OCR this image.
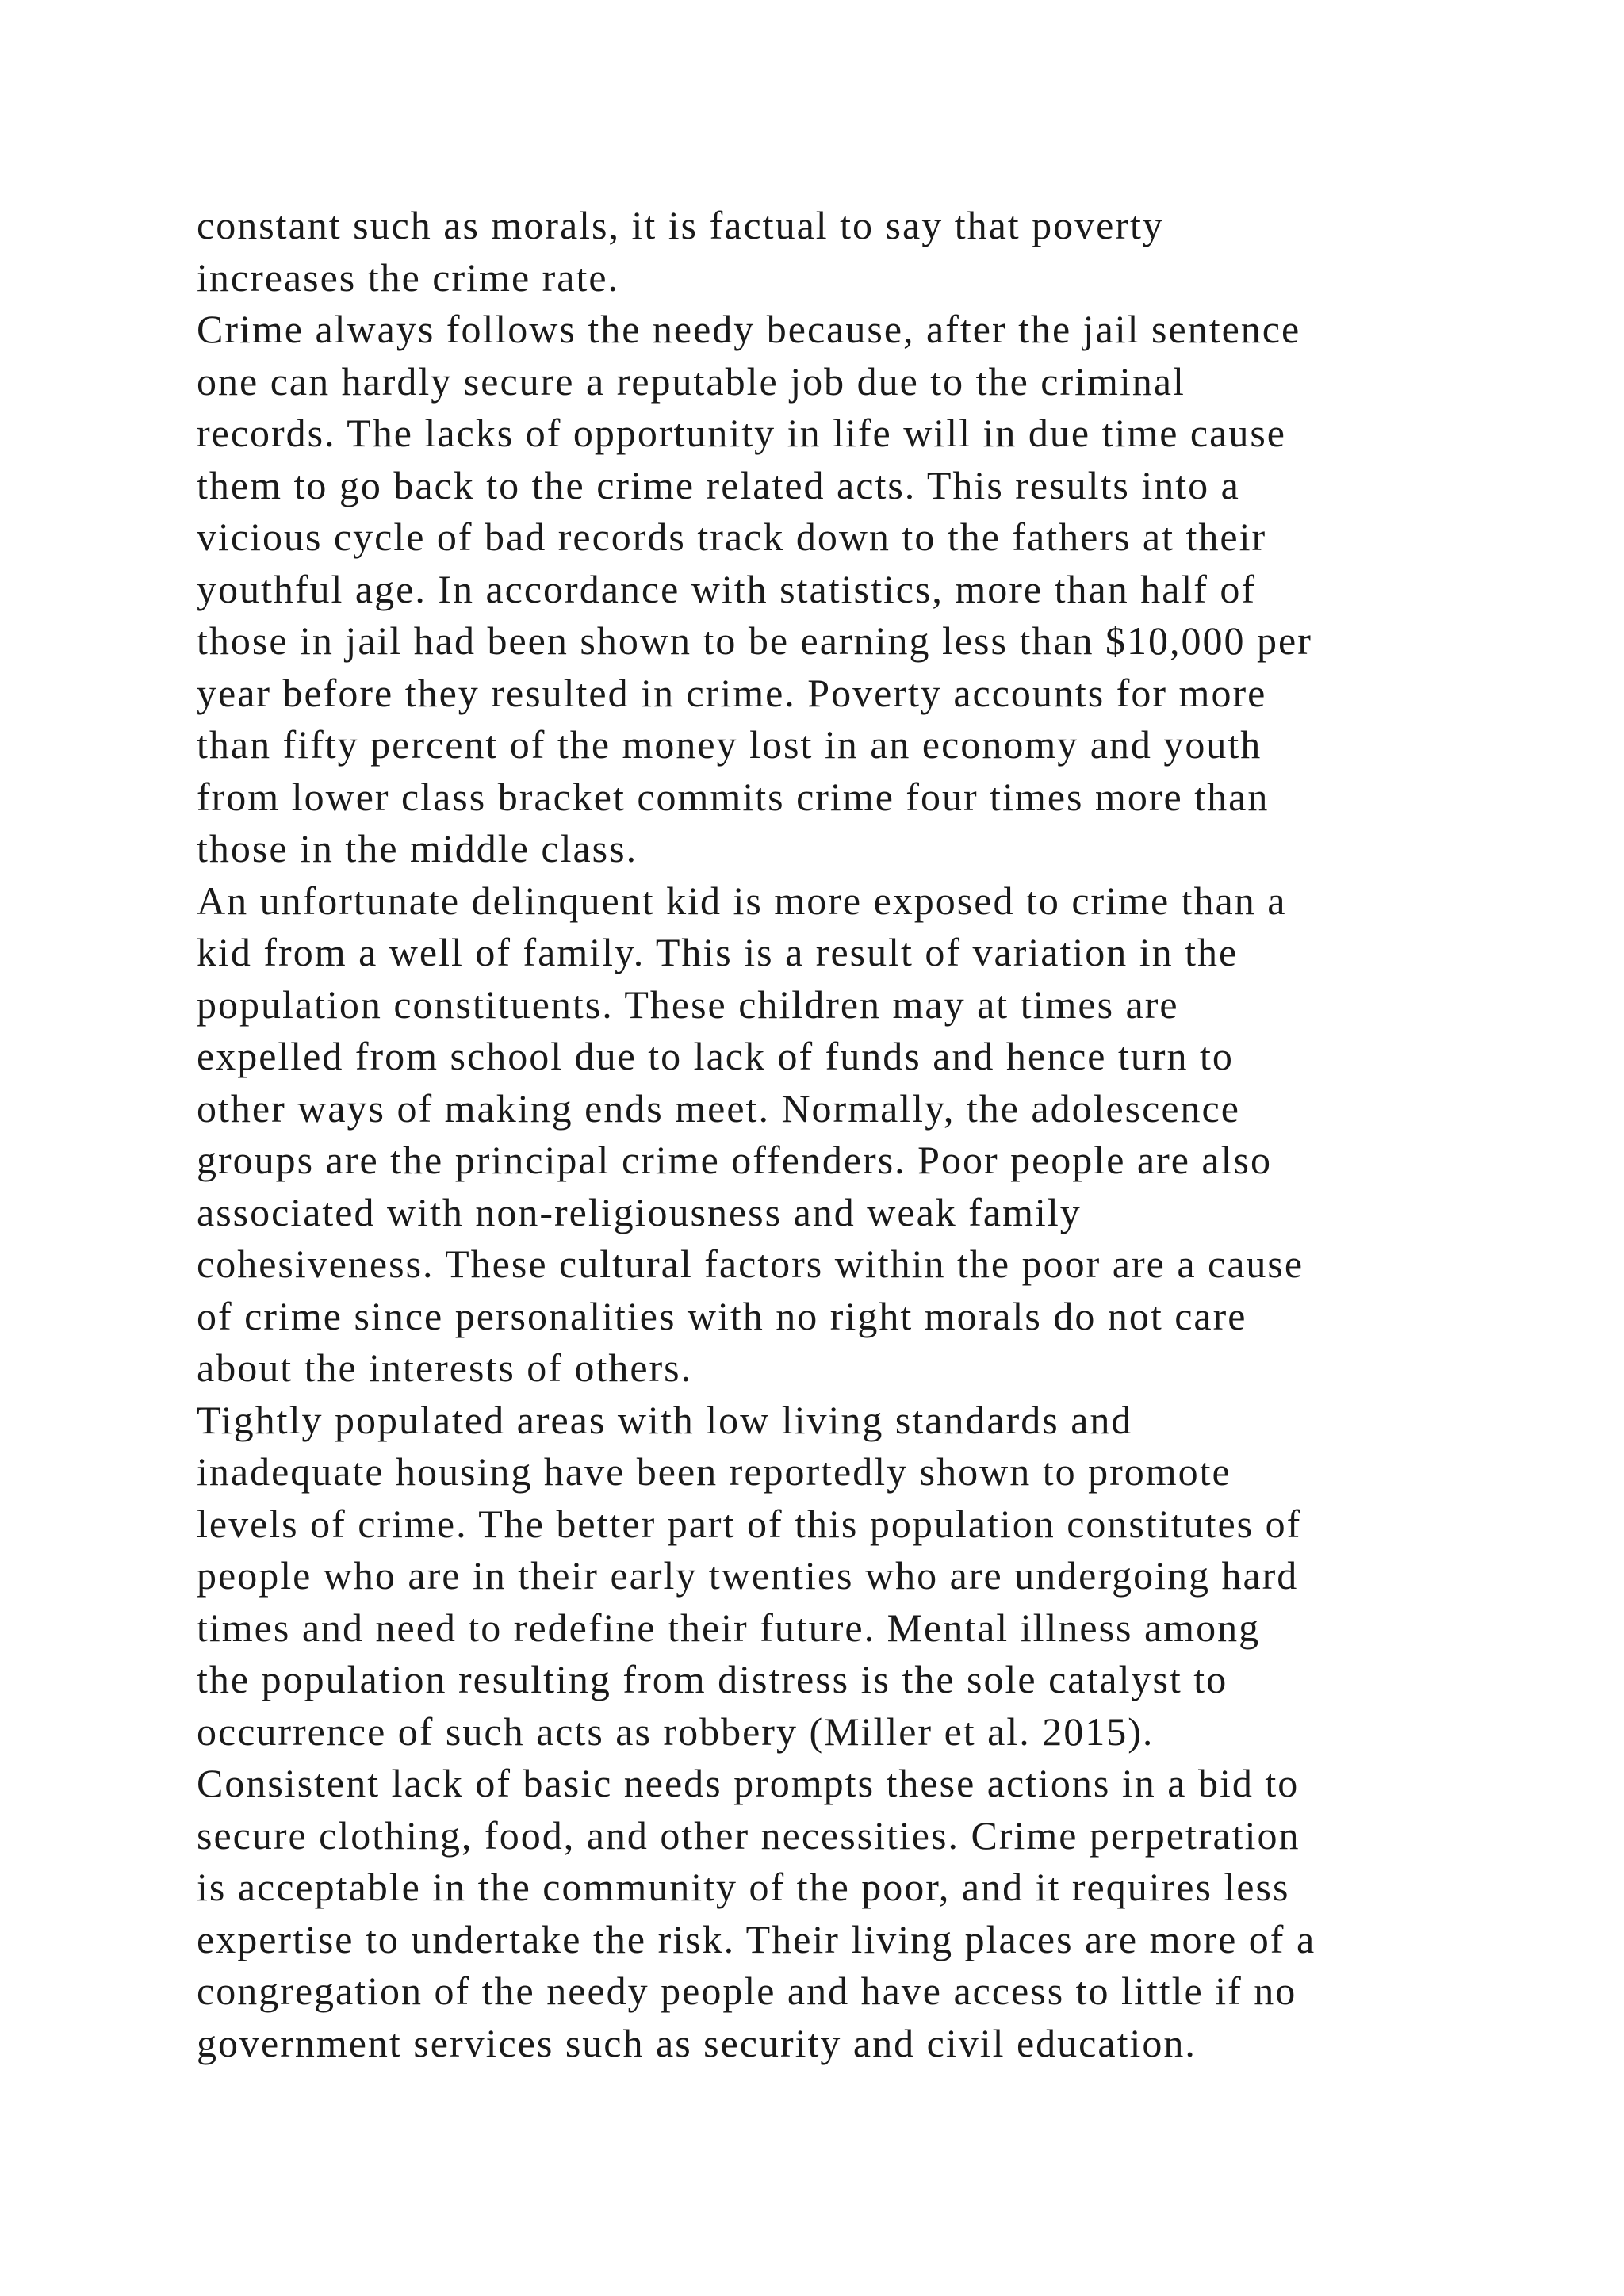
constant such as morals, it is factual to say that poverty
increases the crime rate.
Crime always follows the needy because, after the jail sentence
one can hardly secure a reputable job due to the criminal
records. The lacks of opportunity in life will in due time cause
them to go back to the crime related acts. This results into a
vicious cycle of bad records track down to the fathers at their
youthful age. In accordance with statistics, more than half of
those in jail had been shown to be earning less than $10,000 per
year before they resulted in crime. Poverty accounts for more
than fifty percent of the money lost in an economy and youth
from lower class bracket commits crime four times more than
those in the middle class.
An unfortunate delinquent kid is more exposed to crime than a
kid from a well of family. This is a result of variation in the
population constituents. These children may at times are
expelled from school due to lack of funds and hence turn to
other ways of making ends meet. Normally, the adolescence
groups are the principal crime offenders. Poor people are also
associated with non-religiousness and weak family
cohesiveness. These cultural factors within the poor are a cause
of crime since personalities with no right morals do not care
about the interests of others.
Tightly populated areas with low living standards and
inadequate housing have been reportedly shown to promote
levels of crime. The better part of this population constitutes of
people who are in their early twenties who are undergoing hard
times and need to redefine their future. Mental illness among
the population resulting from distress is the sole catalyst to
occurrence of such acts as robbery (Miller et al. 2015).
Consistent lack of basic needs prompts these actions in a bid to
secure clothing, food, and other necessities. Crime perpetration
is acceptable in the community of the poor, and it requires less
expertise to undertake the risk. Their living places are more of a
congregation of the needy people and have access to little if no
government services such as security and civil education.
